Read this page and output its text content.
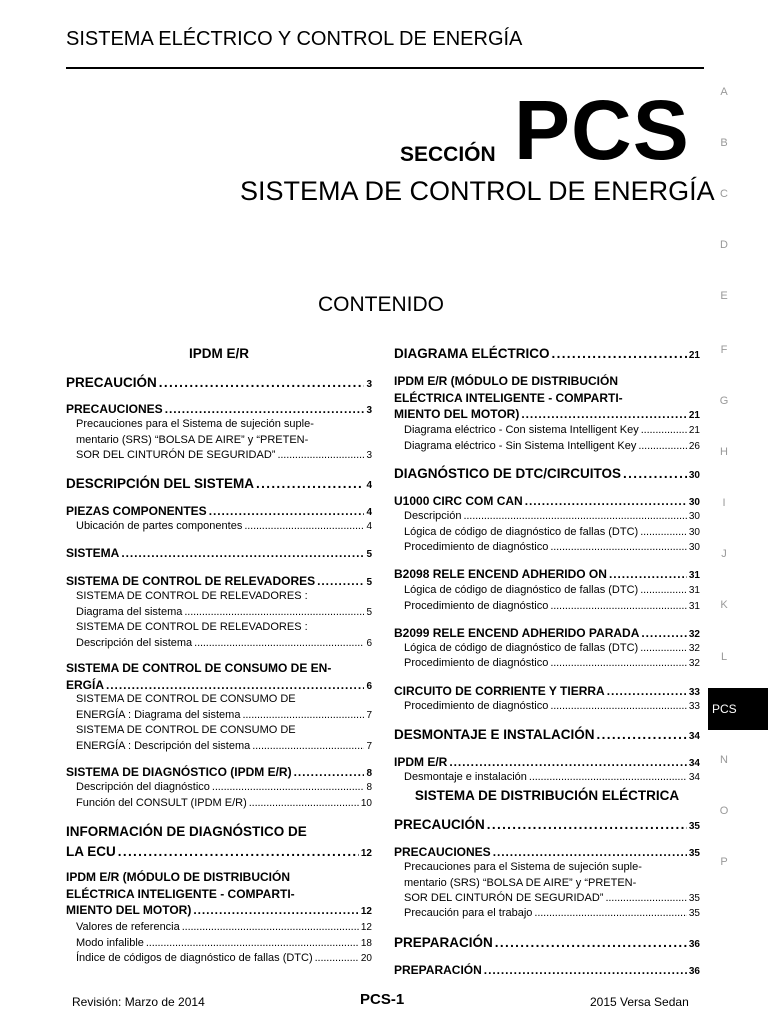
SISTEMA ELÉCTRICO Y CONTROL DE ENERGÍA
SECCIÓN PCS
SISTEMA DE CONTROL DE ENERGÍA
CONTENIDO
IPDM E/R
PRECAUCIÓN . . .	3
PRECAUCIONES . . .	3
Precauciones para el Sistema de sujeción suple-
mentario (SRS) “BOLSA DE AIRE” y “PRETEN-
SOR DEL CINTURÓN DE SEGURIDAD” . . .	3
DESCRIPCIÓN DEL SISTEMA . . .	4
PIEZAS COMPONENTES . . .	4
Ubicación de partes componentes . . .	4
SISTEMA . . .	5
SISTEMA DE CONTROL DE RELEVADORES . . .	5
SISTEMA DE CONTROL DE RELEVADORES :
Diagrama del sistema . . .	5
SISTEMA DE CONTROL DE RELEVADORES :
Descripción del sistema . . .	6
SISTEMA DE CONTROL DE CONSUMO DE EN-
ERGÍA . . .	6
SISTEMA DE CONTROL DE CONSUMO DE
ENERGÍA : Diagrama del sistema . . .	7
SISTEMA DE CONTROL DE CONSUMO DE
ENERGÍA : Descripción del sistema . . .	7
SISTEMA DE DIAGNÓSTICO (IPDM E/R) . . .	8
Descripción del diagnóstico . . .	8
Función del CONSULT (IPDM E/R) . . .	10
INFORMACIÓN DE DIAGNÓSTICO DE
LA ECU . . .	12
IPDM E/R (MÓDULO DE DISTRIBUCIÓN
ELÉCTRICA INTELIGENTE - COMPARTI-
MIENTO DEL MOTOR) . . .	12
Valores de referencia . . .	12
Modo infalible . . .	18
Índice de códigos de diagnóstico de fallas (DTC) . . .	20
DIAGRAMA ELÉCTRICO . . .	21
IPDM E/R (MÓDULO DE DISTRIBUCIÓN
ELÉCTRICA INTELIGENTE - COMPARTI-
MIENTO DEL MOTOR) . . .	21
Diagrama eléctrico - Con sistema Intelligent Key . . .	21
Diagrama eléctrico - Sin Sistema Intelligent Key . . .	26
DIAGNÓSTICO DE DTC/CIRCUITOS . . .	30
U1000 CIRC COM CAN . . .	30
Descripción . . .	30
Lógica de código de diagnóstico de fallas (DTC) . . .	30
Procedimiento de diagnóstico . . .	30
B2098 RELE ENCEND ADHERIDO ON . . .	31
Lógica de código de diagnóstico de fallas (DTC) . . .	31
Procedimiento de diagnóstico . . .	31
B2099 RELE ENCEND ADHERIDO PARADA . . .	32
Lógica de código de diagnóstico de fallas (DTC) . . .	32
Procedimiento de diagnóstico . . .	32
CIRCUITO DE CORRIENTE Y TIERRA . . .	33
Procedimiento de diagnóstico . . .	33
DESMONTAJE E INSTALACIÓN . . .	34
IPDM E/R . . .	34
Desmontaje e instalación . . .	34
SISTEMA DE DISTRIBUCIÓN ELÉCTRICA
PRECAUCIÓN . . .	35
PRECAUCIONES . . .	35
Precauciones para el Sistema de sujeción suple-
mentario (SRS) “BOLSA DE AIRE” y “PRETEN-
SOR DEL CINTURÓN DE SEGURIDAD” . . .	35
Precaución para el trabajo . . .	35
PREPARACIÓN . . .	36
PREPARACIÓN . . .	36
A
B
C
D
E
F
G
H
I
J
K
L
N
O
P
PCS
Revisión: Marzo de 2014	PCS-1	2015 Versa Sedan
